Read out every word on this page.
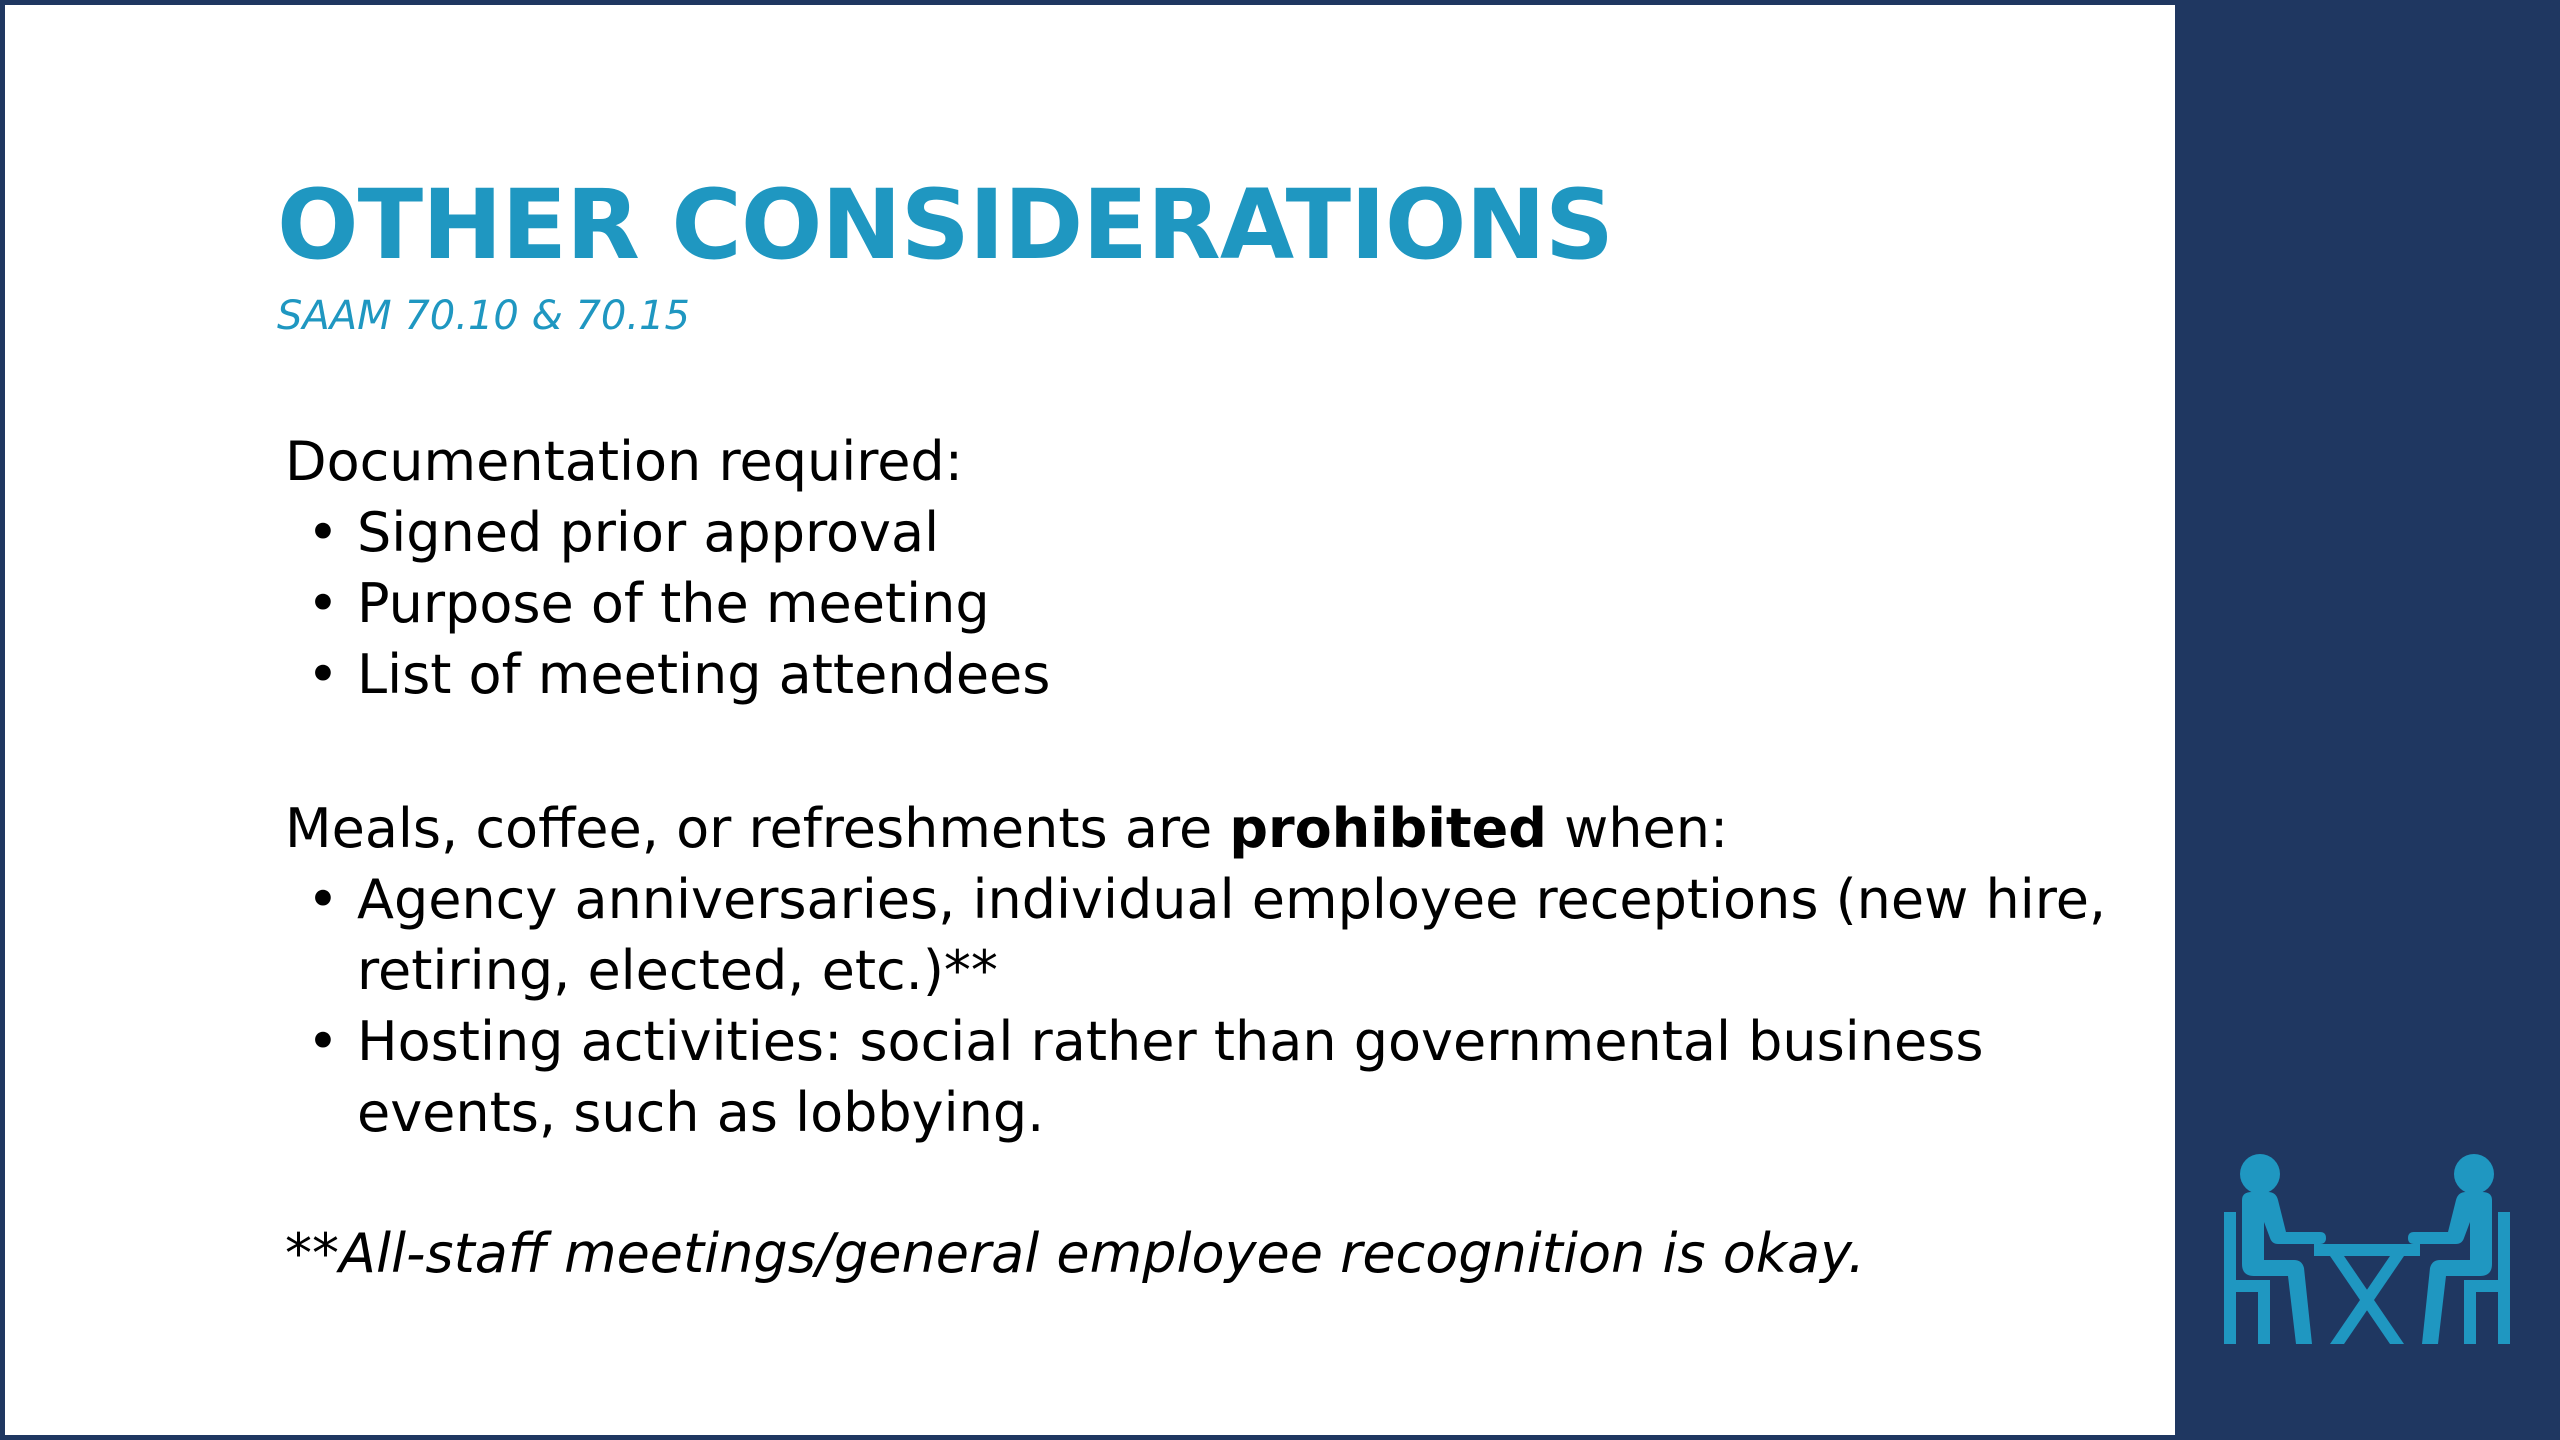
OTHER CONSIDERATIONS

SAAM 70.10 & 70.15

Documentation required:

• Signed prior approval
• Purpose of the meeting
• List of meeting attendees

Meals, coffee, or refreshments are prohibited when:

• Agency anniversaries, individual employee receptions (new hire, retiring, elected, etc.)**
• Hosting activities: social rather than governmental business events, such as lobbying.

**All-staff meetings/general employee recognition is okay.
